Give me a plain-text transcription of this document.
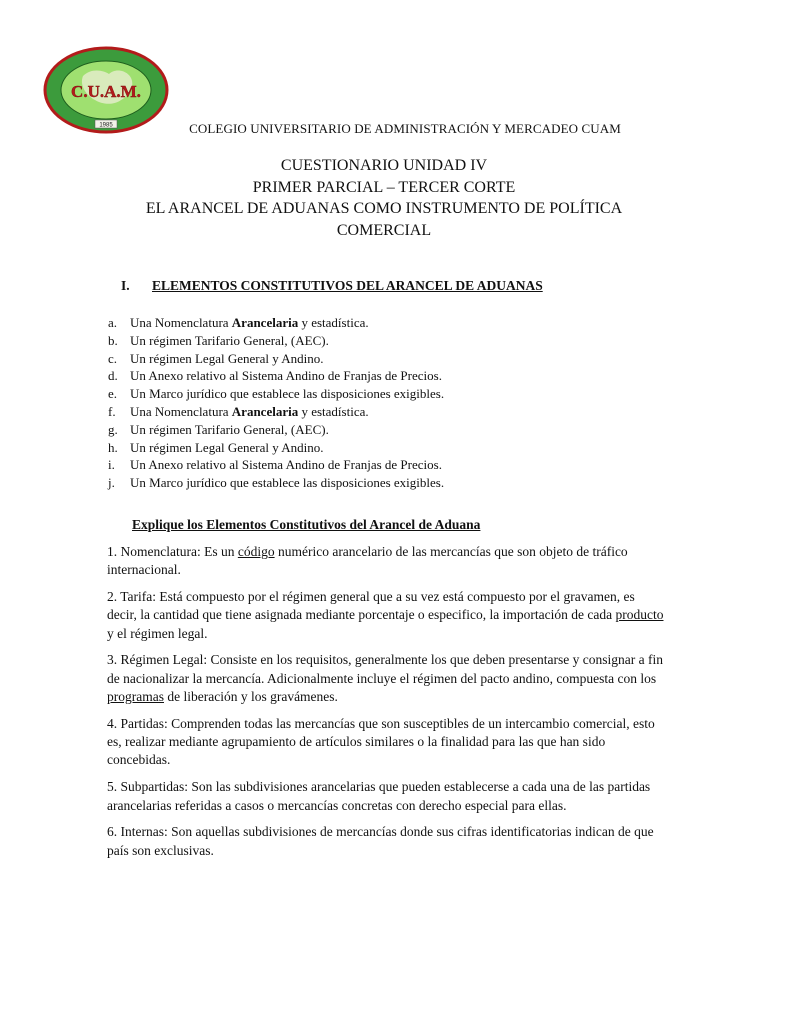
COLEGIO UNIVERSITARIO DE ADMINISTRACIÓN Y MERCADEO
C.U.A.M.
1985	COLEGIO UNIVERSITARIO DE ADMINISTRACIÓN Y MERCADEO CUAM
CUESTIONARIO UNIDAD IV
PRIMER PARCIAL – TERCER CORTE
EL ARANCEL DE ADUANAS COMO INSTRUMENTO DE POLÍTICA
COMERCIAL
I. ELEMENTOS CONSTITUTIVOS DEL ARANCEL DE ADUANAS
a. Una Nomenclatura Arancelaria y estadística.
b. Un régimen Tarifario General, (AEC).
c. Un régimen Legal General y Andino.
d. Un Anexo relativo al Sistema Andino de Franjas de Precios.
e. Un Marco jurídico que establece las disposiciones exigibles.
f. Una Nomenclatura Arancelaria y estadística.
g. Un régimen Tarifario General, (AEC).
h. Un régimen Legal General y Andino.
i. Un Anexo relativo al Sistema Andino de Franjas de Precios.
j. Un Marco jurídico que establece las disposiciones exigibles.
Explique los Elementos Constitutivos del Arancel de Aduana

1. Nomenclatura: Es un código numérico arancelario de las mercancías que son objeto de tráfico internacional.

2. Tarifa: Está compuesto por el régimen general que a su vez está compuesto por el gravamen, es decir, la cantidad que tiene asignada mediante porcentaje o especifico, la importación de cada producto y el régimen legal.

3. Régimen Legal: Consiste en los requisitos, generalmente los que deben presentarse y consignar a fin de nacionalizar la mercancía. Adicionalmente incluye el régimen del pacto andino, compuesta con los programas de liberación y los gravámenes.

4. Partidas: Comprenden todas las mercancías que son susceptibles de un intercambio comercial, esto es, realizar mediante agrupamiento de artículos similares o la finalidad para las que han sido concebidas.

5. Subpartidas: Son las subdivisiones arancelarias que pueden establecerse a cada una de las partidas arancelarias referidas a casos o mercancías concretas con derecho especial para ellas.

6. Internas: Son aquellas subdivisiones de mercancías donde sus cifras identificatorias indican de que país son exclusivas.
